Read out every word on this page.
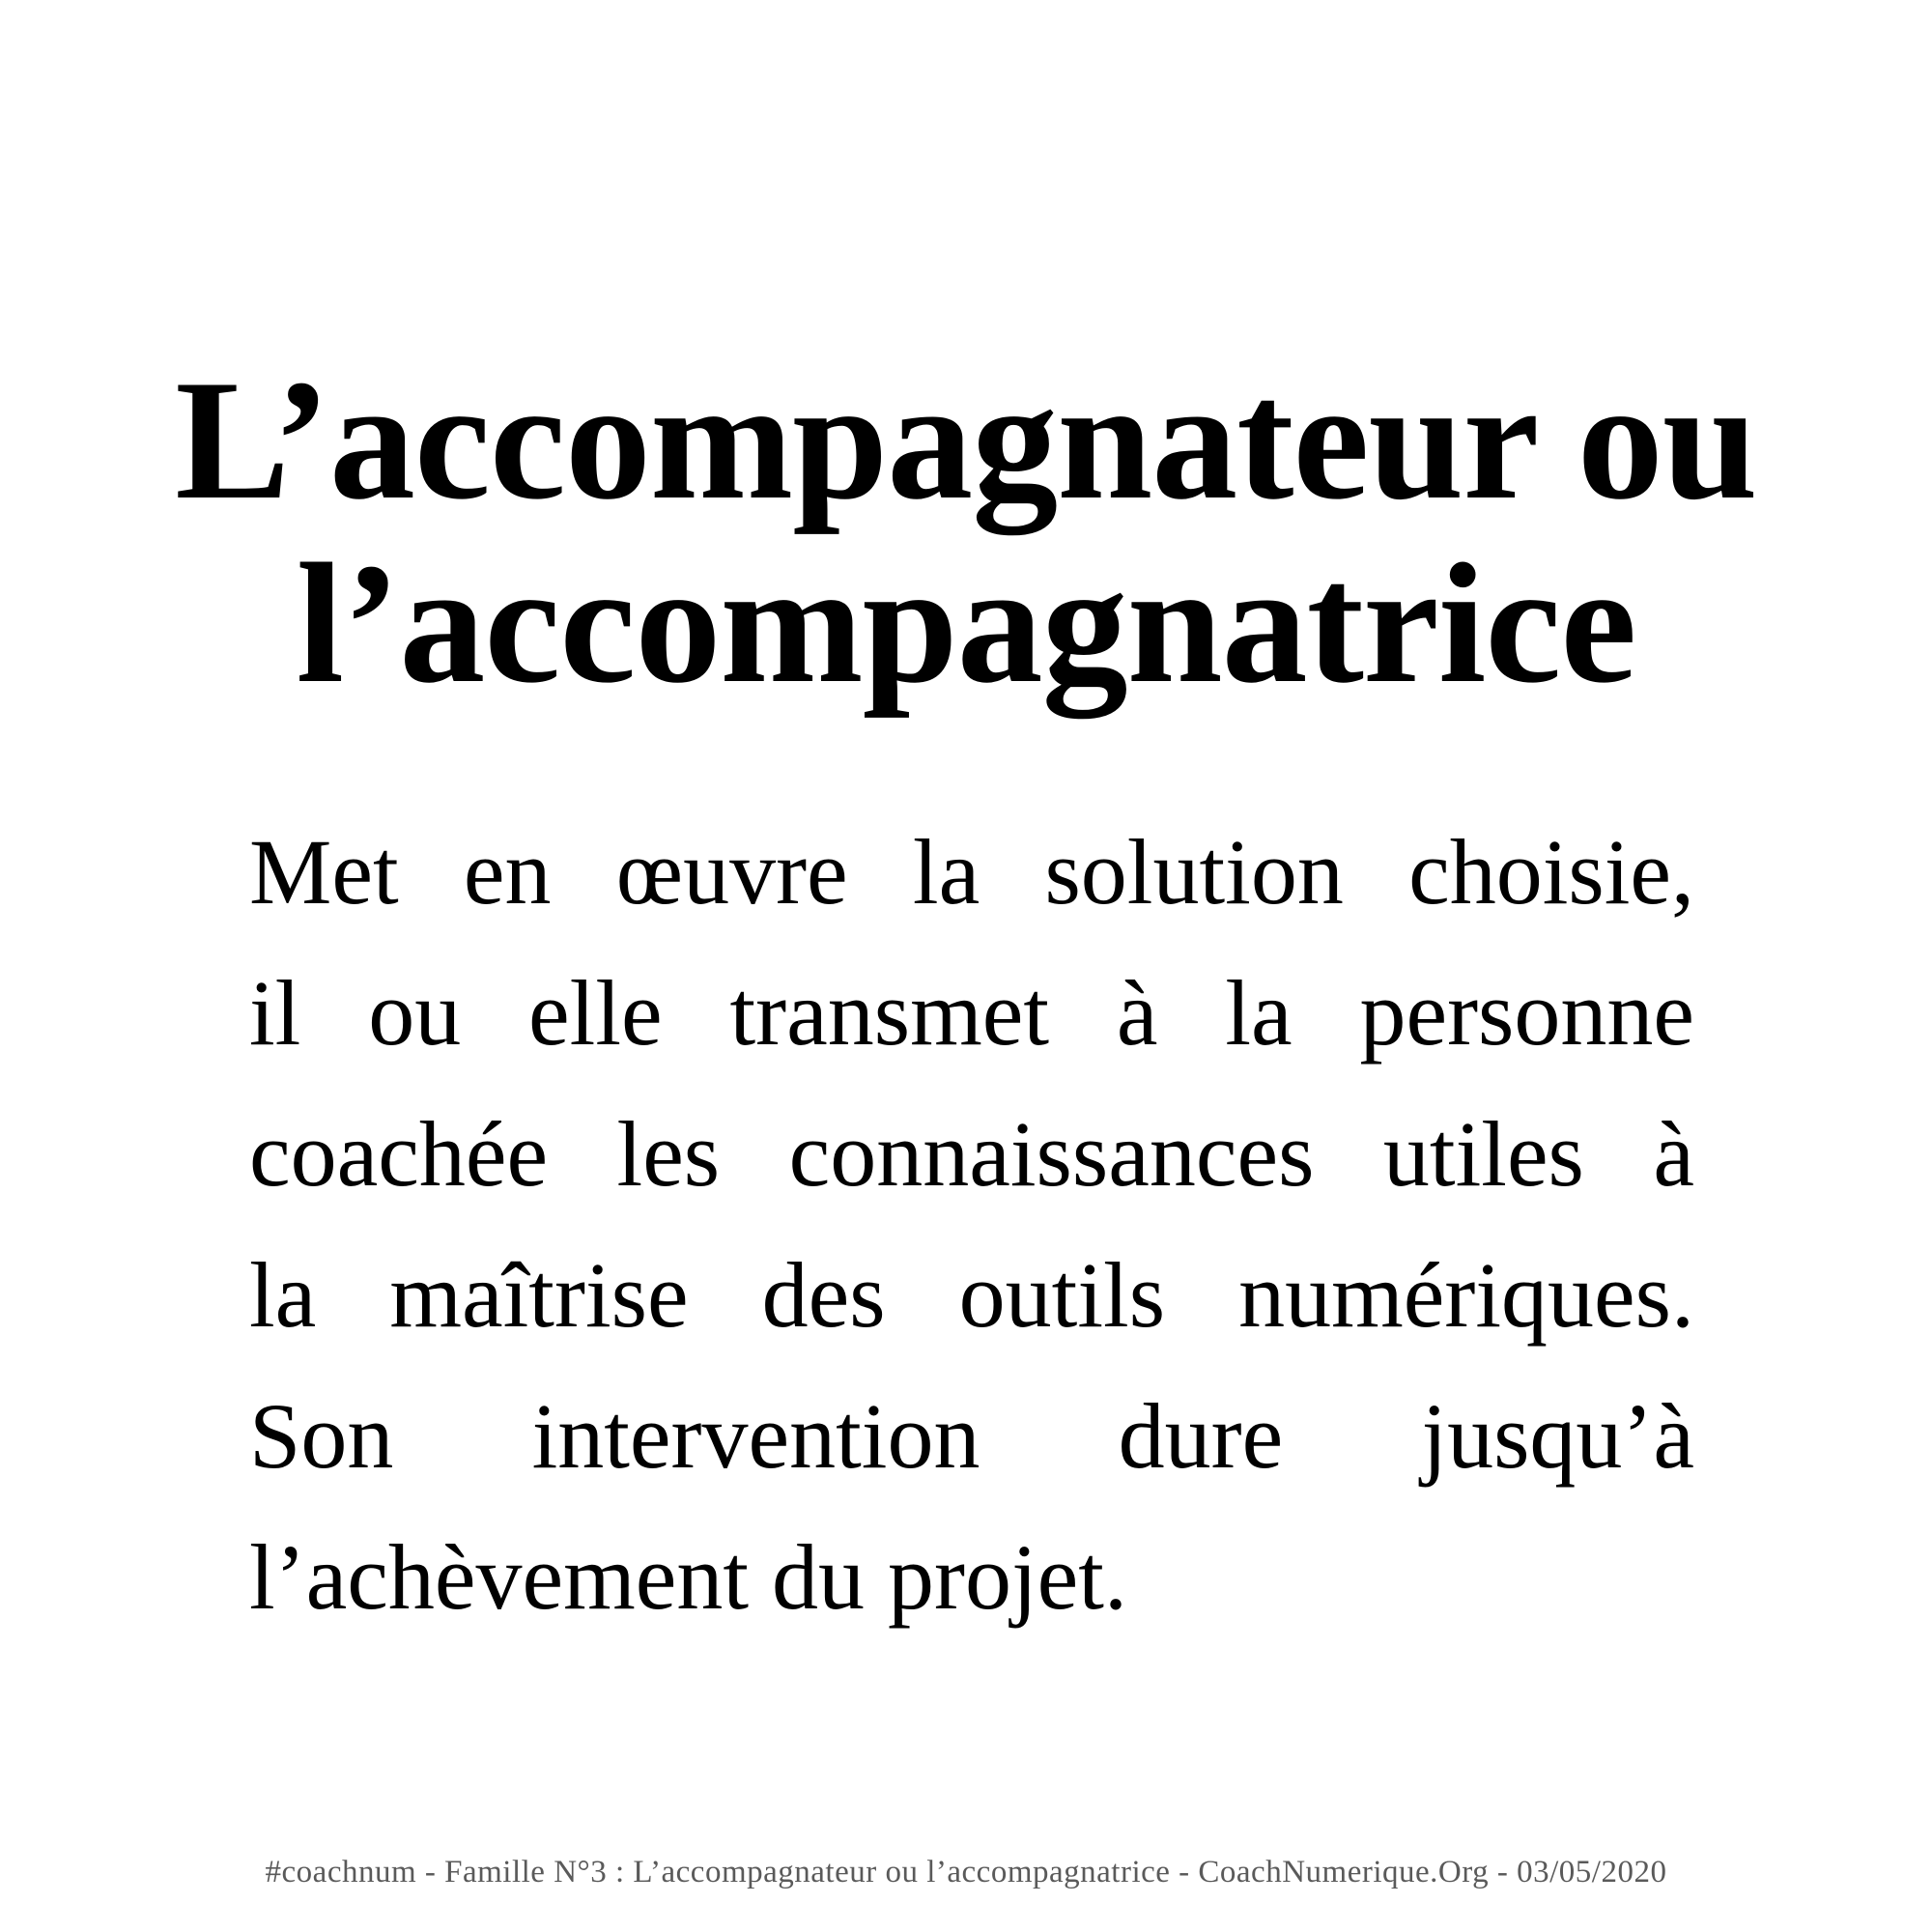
L’accompagnateur ou
l’accompagnatrice
Met en œuvre la solution choisie,
il ou elle transmet à la personne
coachée les connaissances utiles à
la maîtrise des outils numériques.
Son intervention dure jusqu’à
l’achèvement du projet.
#coachnum - Famille N°3 : L’accompagnateur ou l’accompagnatrice - CoachNumerique.Org - 03/05/2020
